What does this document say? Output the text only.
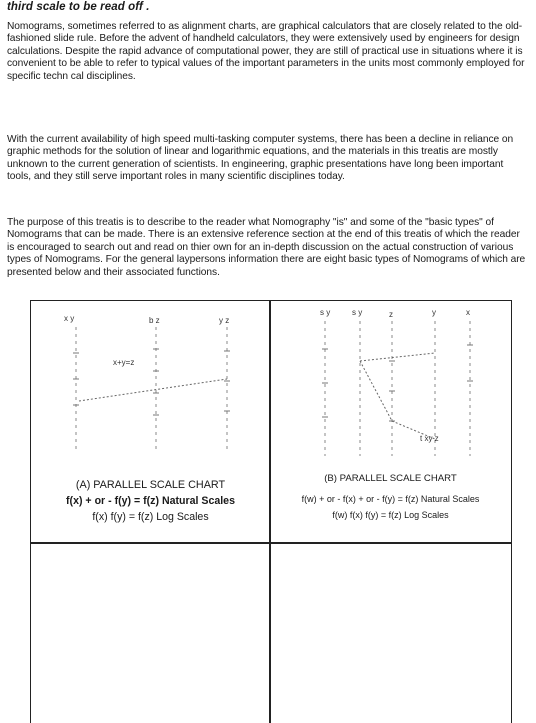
third scale to be read off .

Nomograms, sometimes referred to as alignment charts, are graphical calculators that are closely related to the old-fashioned slide rule. Before the advent of handheld calculators, they were extensively used by engineers for design calculations. Despite the rapid advance of computational power, they are still of practical use in situations where it is convenient to be able to refer to typical values of the important parameters in the units most commonly employed for specific techn cal disciplines.

With the current availability of high speed multi-tasking computer systems, there has been a decline in reliance on graphic methods for the solution of linear and logarithmic equations, and the materials in this treatis are mostly unknown to the current generation of scientists. In engineering, graphic presentations have long been important tools, and they still serve important roles in many scientific disciplines today.

The purpose of this treatis is to describe to the reader what Nomography "is" and some of the "basic types" of Nomograms that can be made. There is an extensive reference section at the end of this treatis of which the reader is encouraged to search out and read on thier own for an in-depth discussion on the actual construction of various types of Nomograms. For the general laypersons information there are eight basic types of Nomograms of which are presented below and their associated functions.

x y	b z	y z
x+y=z
(A) PARALLEL SCALE CHART
f(x) + or - f(y) = f(z) Natural Scales
f(x) f(y) = f(z) Log Scales
s y	s y	z	y	x
t xy z
(B) PARALLEL SCALE CHART
f(w) + or - f(x) + or - f(y) = f(z) Natural Scales
f(w) f(x) f(y) = f(z) Log Scales
